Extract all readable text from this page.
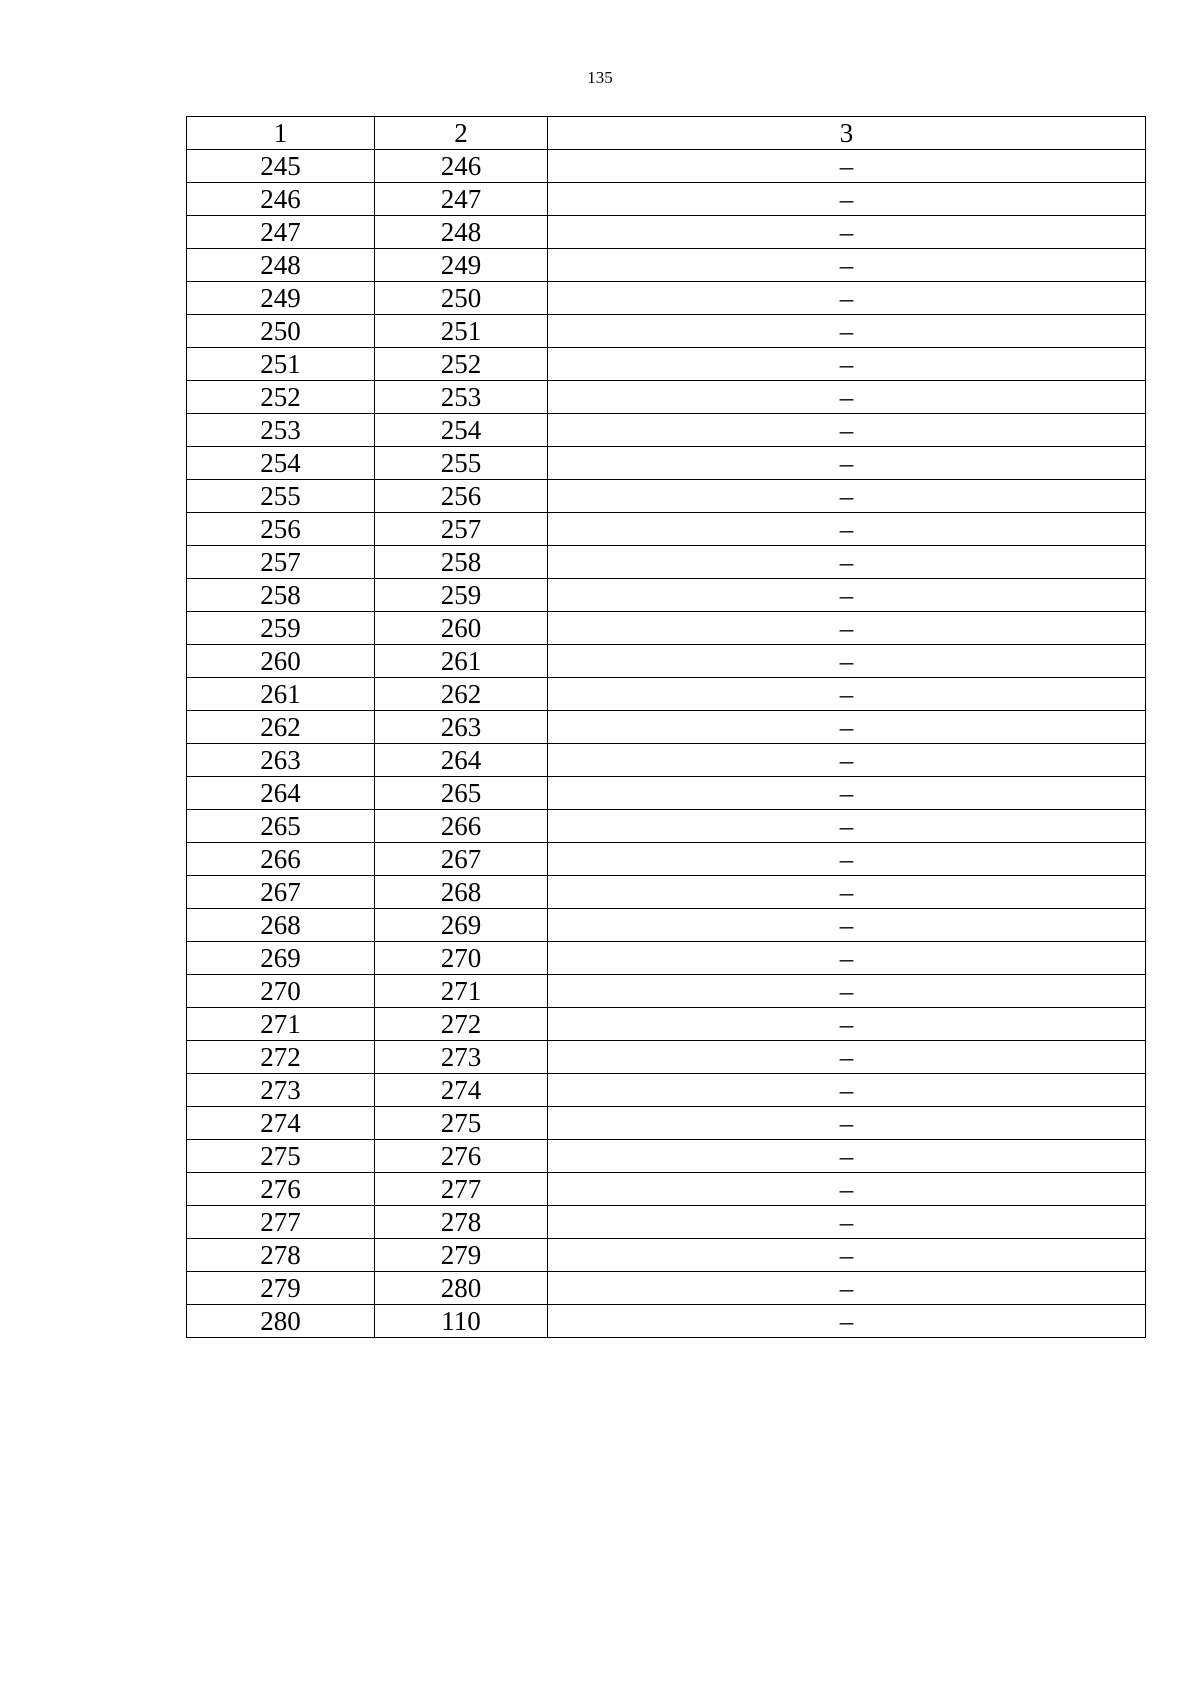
135
1	2	3
245	246	–
246	247	–
247	248	–
248	249	–
249	250	–
250	251	–
251	252	–
252	253	–
253	254	–
254	255	–
255	256	–
256	257	–
257	258	–
258	259	–
259	260	–
260	261	–
261	262	–
262	263	–
263	264	–
264	265	–
265	266	–
266	267	–
267	268	–
268	269	–
269	270	–
270	271	–
271	272	–
272	273	–
273	274	–
274	275	–
275	276	–
276	277	–
277	278	–
278	279	–
279	280	–
280	110	–
